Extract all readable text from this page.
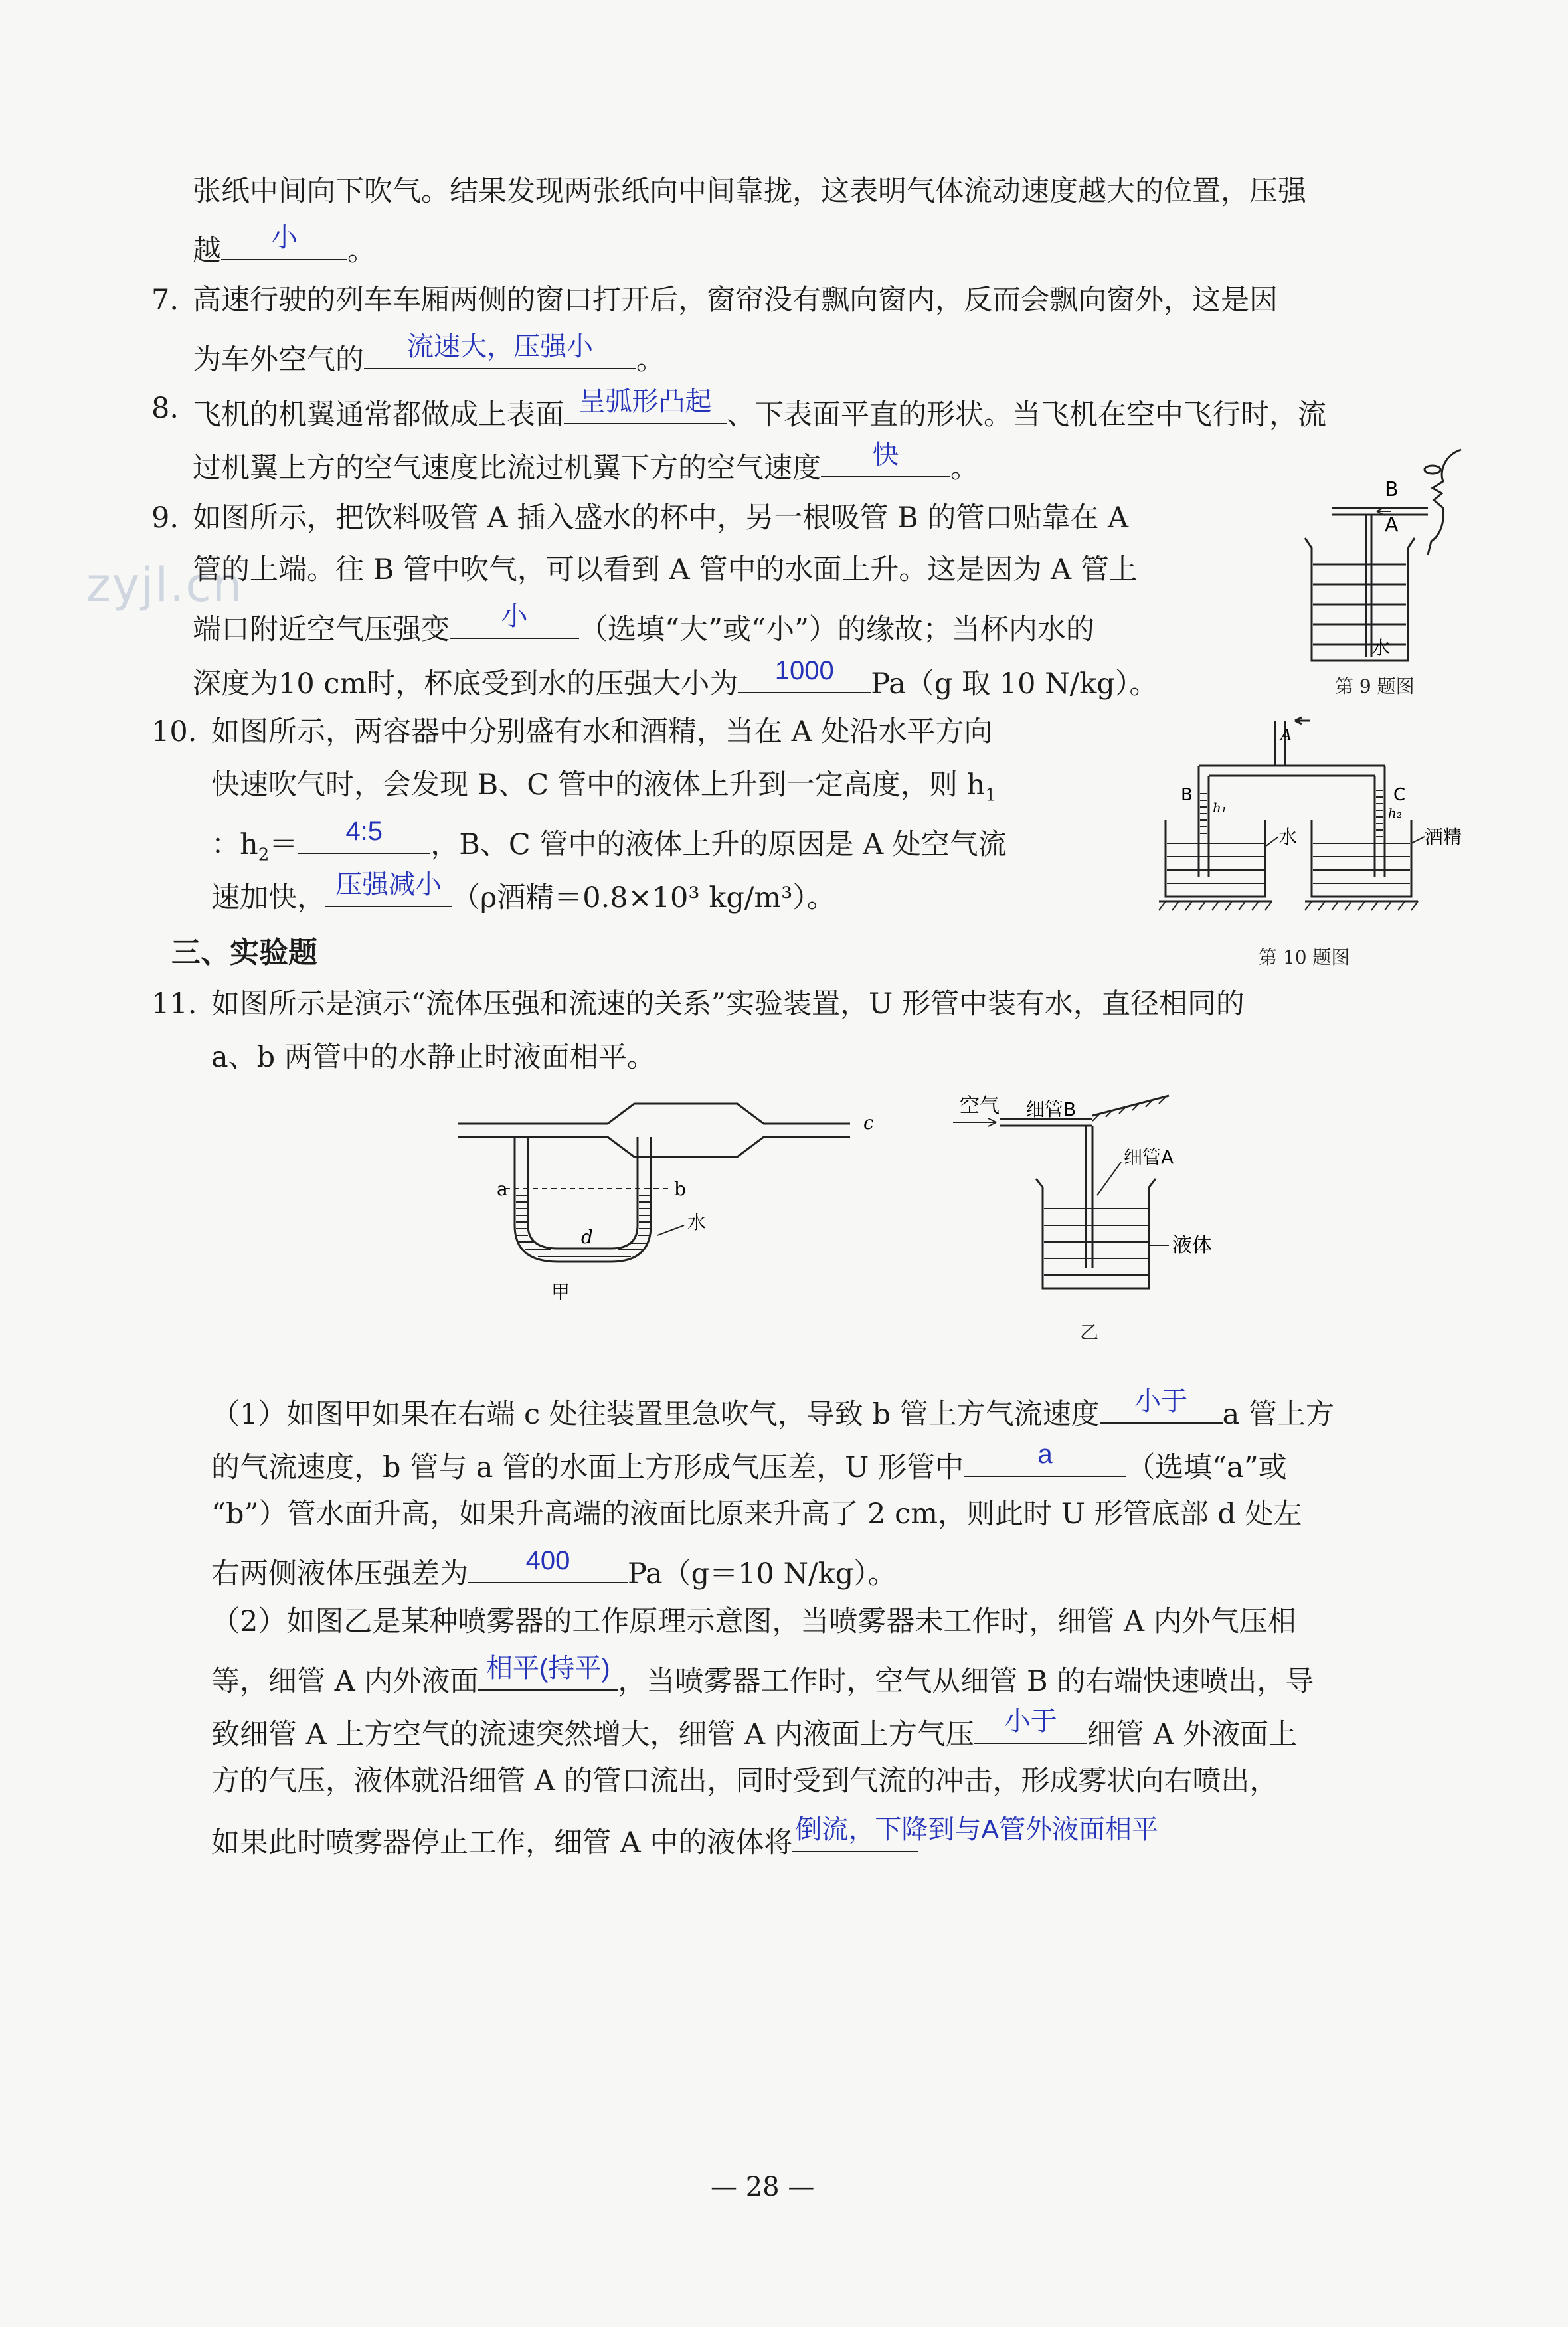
zyjl.cn
张纸中间向下吹气。结果发现两张纸向中间靠拢，这表明气体流动速度越大的位置，压强
越	小	。
7. 高速行驶的列车车厢两侧的窗口打开后，窗帘没有飘向窗内，反而会飘向窗外，这是因
为车外空气的	流速大，压强小	。
8. 飞机的机翼通常都做成上表面 呈弧形凸起 、下表面平直的形状。当飞机在空中飞行时，流
过机翼上方的空气速度比流过机翼下方的空气速度	快	。
9. 如图所示，把饮料吸管 A 插入盛水的杯中，另一根吸管 B 的管口贴靠在 A
管的上端。往 B 管中吹气，可以看到 A 管中的水面上升。这是因为 A 管上
端口附近空气压强变	小	（选填“大”或“小”）的缘故；当杯内水的
深度为10 cm时，杯底受到水的压强大小为	1000	Pa（g 取 10 N/kg）。
B
A
水
第 9 题图
10. 如图所示，两容器中分别盛有水和酒精，当在 A 处沿水平方向
快速吹气时，会发现 B、C 管中的液体上升到一定高度，则 $h_1$
：$h_2=$	4:5	，B、C 管中的液体上升的原因是 A 处空气流
速加快， 压强减小 （ρ酒精＝0.8×10³ kg/m³）。
A
B	C
h₁	h₂
水	酒精
第 10 题图
三、实验题
11. 如图所示是演示“流体压强和流速的关系”实验装置，U 形管中装有水，直径相同的
a、b 两管中的水静止时液面相平。
c
a	b
d
水
甲
空气 细管B
细管A
液体
乙
（1）如图甲如果在右端 c 处往装置里急吹气，导致 b 管上方气流速度	小于	a 管上方
的气流速度，b 管与 a 管的水面上方形成气压差，U 形管中	a	（选填“a”或
“b”）管水面升高，如果升高端的液面比原来升高了 2 cm，则此时 U 形管底部 d 处左
右两侧液体压强差为	400	Pa（g＝10 N/kg）。
（2）如图乙是某种喷雾器的工作原理示意图，当喷雾器未工作时，细管 A 内外气压相
等，细管 A 内外液面 相平(持平) ，当喷雾器工作时，空气从细管 B 的右端快速喷出，导
致细管 A 上方空气的流速突然增大，细管 A 内液面上方气压	小于	细管 A 外液面上
方的气压，液体就沿细管 A 的管口流出，同时受到气流的冲击，形成雾状向右喷出，
如果此时喷雾器停止工作，细管 A 中的液体将 倒流，下降到与A管外液面相平
— 28 —
